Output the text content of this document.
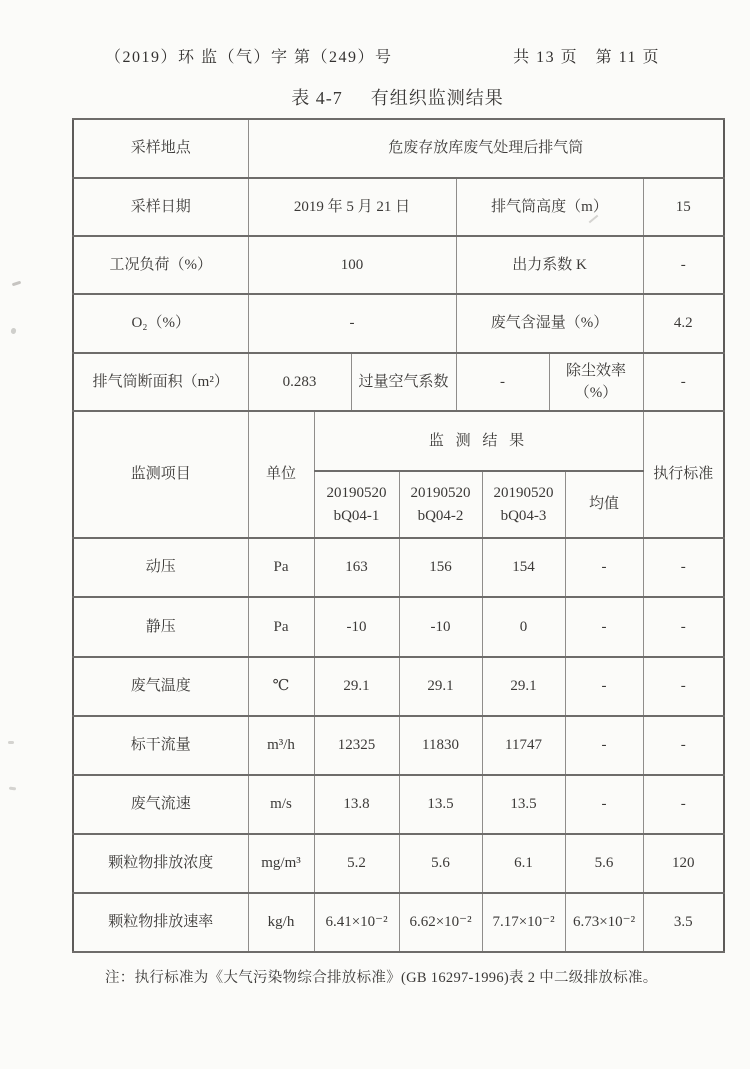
（2019）环 监（气）字 第（249）号	共 13 页　第 11 页
表 4-7 有组织监测结果
采样地点	危废存放库废气处理后排气筒								
采样日期	2019 年 5 月 21 日				排气筒高度（m）				15
工况负荷（%）	100				出力系数 K				-
O₂（%）	-				废气含湿量（%）				4.2
排气筒断面积（m²）	0.283		过量空气系数		-		除尘效率（%）		-
监测项目	单位	监 测 结 果							执行标准
		20190520 bQ04-1		20190520 bQ04-2		20190520 bQ04-3		均值	
动压	Pa	163		156		154		-	-
静压	Pa	-10		-10		0		-	-
废气温度	℃	29.1		29.1		29.1		-	-
标干流量	m³/h	12325		11830		11747		-	-
废气流速	m/s	13.8		13.5		13.5		-	-
颗粒物排放浓度	mg/m³	5.2		5.6		6.1		5.6	120
颗粒物排放速率	kg/h	6.41×10⁻²		6.62×10⁻²		7.17×10⁻²		6.73×10⁻²	3.5
注：执行标准为《大气污染物综合排放标准》(GB 16297-1996)表 2 中二级排放标准。
